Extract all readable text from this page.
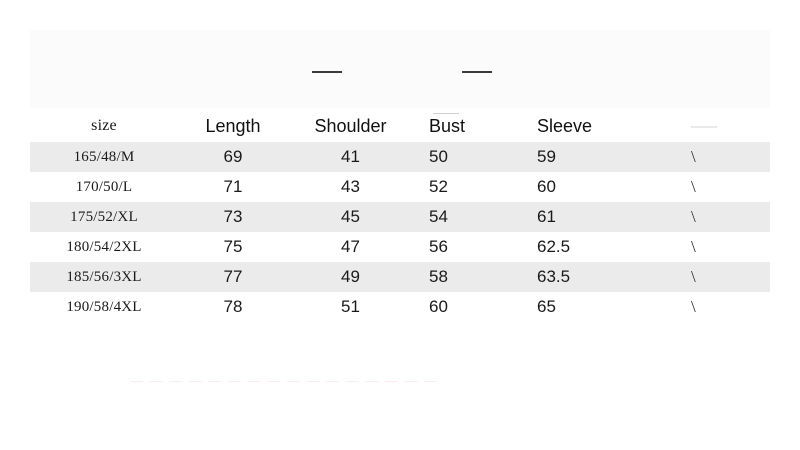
size	Length	Shoulder	Bust	Sleeve
165/48/M	69	41	50	59	\
170/50/L	71	43	52	60	\
175/52/XL	73	45	54	61	\
180/54/2XL	75	47	56	62.5	\
185/56/3XL	77	49	58	63.5	\
190/58/4XL	78	51	60	65	\
— — — — — — — — — — — — — — — —
